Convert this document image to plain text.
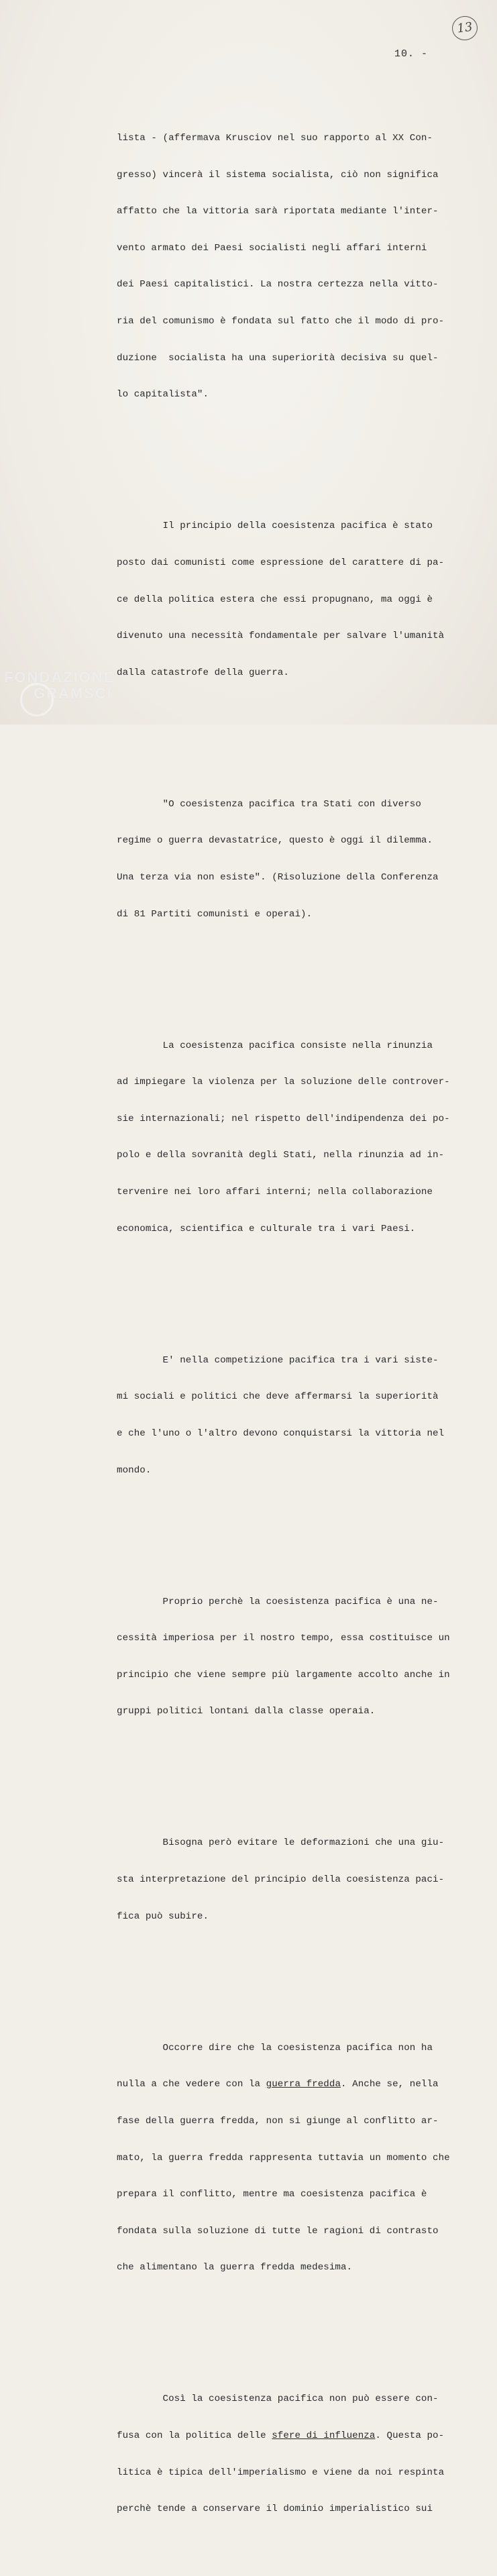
13
10. -

lista - (affermava Krusciov nel suo rapporto al XX Con-

gresso) vincerà il sistema socialista, ciò non significa

affatto che la vittoria sarà riportata mediante l'inter-

vento armato dei Paesi socialisti negli affari interni

dei Paesi capitalistici. La nostra certezza nella vitto-

ria del comunismo è fondata sul fatto che il modo di pro-

duzione  socialista ha una superiorità decisiva su quel-

lo capitalista".

Il principio della coesistenza pacifica è stato

posto dai comunisti come espressione del carattere di pa-

ce della politica estera che essi propugnano, ma oggi è

divenuto una necessità fondamentale per salvare l'umanità

dalla catastrofe della guerra.

"O coesistenza pacifica tra Stati con diverso

regime o guerra devastatrice, questo è oggi il dilemma.

Una terza via non esiste". (Risoluzione della Conferenza

di 81 Partiti comunisti e operai).

La coesistenza pacifica consiste nella rinunzia

ad impiegare la violenza per la soluzione delle controver-

sie internazionali; nel rispetto dell'indipendenza dei po-

polo e della sovranità degli Stati, nella rinunzia ad in-

tervenire nei loro affari interni; nella collaborazione

economica, scientifica e culturale tra i vari Paesi.

E' nella competizione pacifica tra i vari siste-

mi sociali e politici che deve affermarsi la superiorità

e che l'uno o l'altro devono conquistarsi la vittoria nel

mondo.

Proprio perchè la coesistenza pacifica è una ne-

cessità imperiosa per il nostro tempo, essa costituisce un

principio che viene sempre più largamente accolto anche in

gruppi politici lontani dalla classe operaia.

Bisogna però evitare le deformazioni che una giu-

sta interpretazione del principio della coesistenza paci-

fica può subire.

Occorre dire che la coesistenza pacifica non ha

nulla a che vedere con la guerra fredda. Anche se, nella

fase della guerra fredda, non si giunge al conflitto ar-

mato, la guerra fredda rappresenta tuttavia un momento che

prepara il conflitto, mentre ma coesistenza pacifica è

fondata sulla soluzione di tutte le ragioni di contrasto

che alimentano la guerra fredda medesima.

Così la coesistenza pacifica non può essere con-

fusa con la politica delle sfere di influenza. Questa po-

litica è tipica dell'imperialismo e viene da noi respinta

perchè tende a conservare il dominio imperialistico sui

FONDAZIONE
GRAMSCI
